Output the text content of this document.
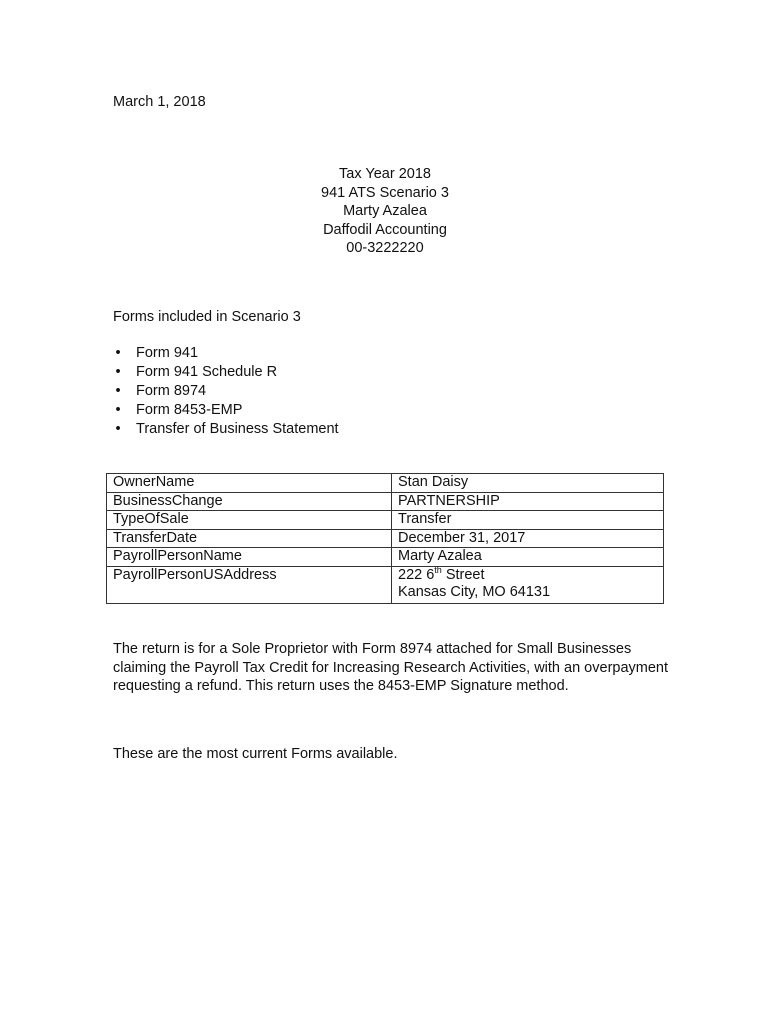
March 1, 2018
Tax Year 2018
941 ATS Scenario 3
Marty Azalea
Daffodil Accounting
00-3222220
Forms included in Scenario 3
• Form 941
• Form 941 Schedule R
• Form 8974
• Form 8453-EMP
• Transfer of Business Statement
OwnerName	Stan Daisy
BusinessChange	PARTNERSHIP
TypeOfSale	Transfer
TransferDate	December 31, 2017
PayrollPersonName	Marty Azalea
PayrollPersonUSAddress	222 6th Street
Kansas City, MO 64131
The return is for a Sole Proprietor with Form 8974 attached for Small Businesses claiming the Payroll Tax Credit for Increasing Research Activities, with an overpayment requesting a refund. This return uses the 8453-EMP Signature method.
These are the most current Forms available.
